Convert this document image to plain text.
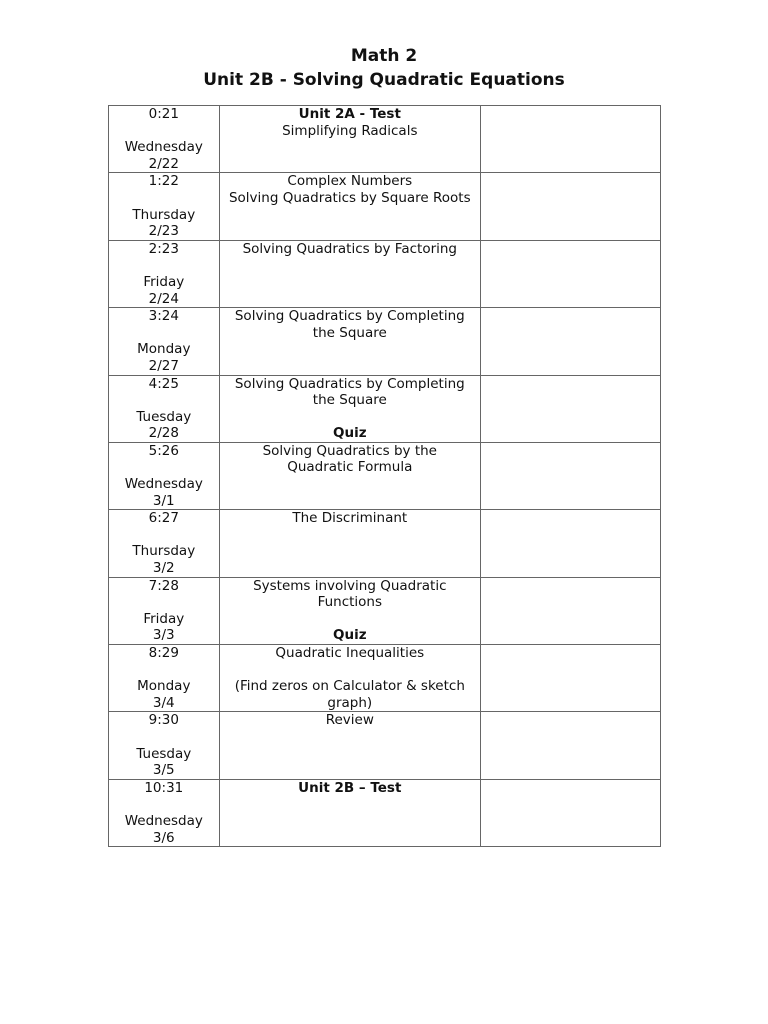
Math 2
Unit 2B - Solving Quadratic Equations
0:21
Wednesday
2/22	Unit 2A - Test
Simplifying Radicals	

1:22
Thursday
2/23	Complex Numbers
Solving Quadratics by Square Roots	

2:23
Friday
2/24	Solving Quadratics by Factoring	

3:24
Monday
2/27	Solving Quadratics by Completing
the Square	

4:25
Tuesday
2/28	Solving Quadratics by Completing
the Square
Quiz	

5:26
Wednesday
3/1	Solving Quadratics by the
Quadratic Formula	

6:27
Thursday
3/2	The Discriminant	

7:28
Friday
3/3	Systems involving Quadratic
Functions
Quiz	

8:29
Monday
3/4	Quadratic Inequalities
(Find zeros on Calculator & sketch
graph)	

9:30
Tuesday
3/5	Review	

10:31
Wednesday
3/6	Unit 2B – Test	
